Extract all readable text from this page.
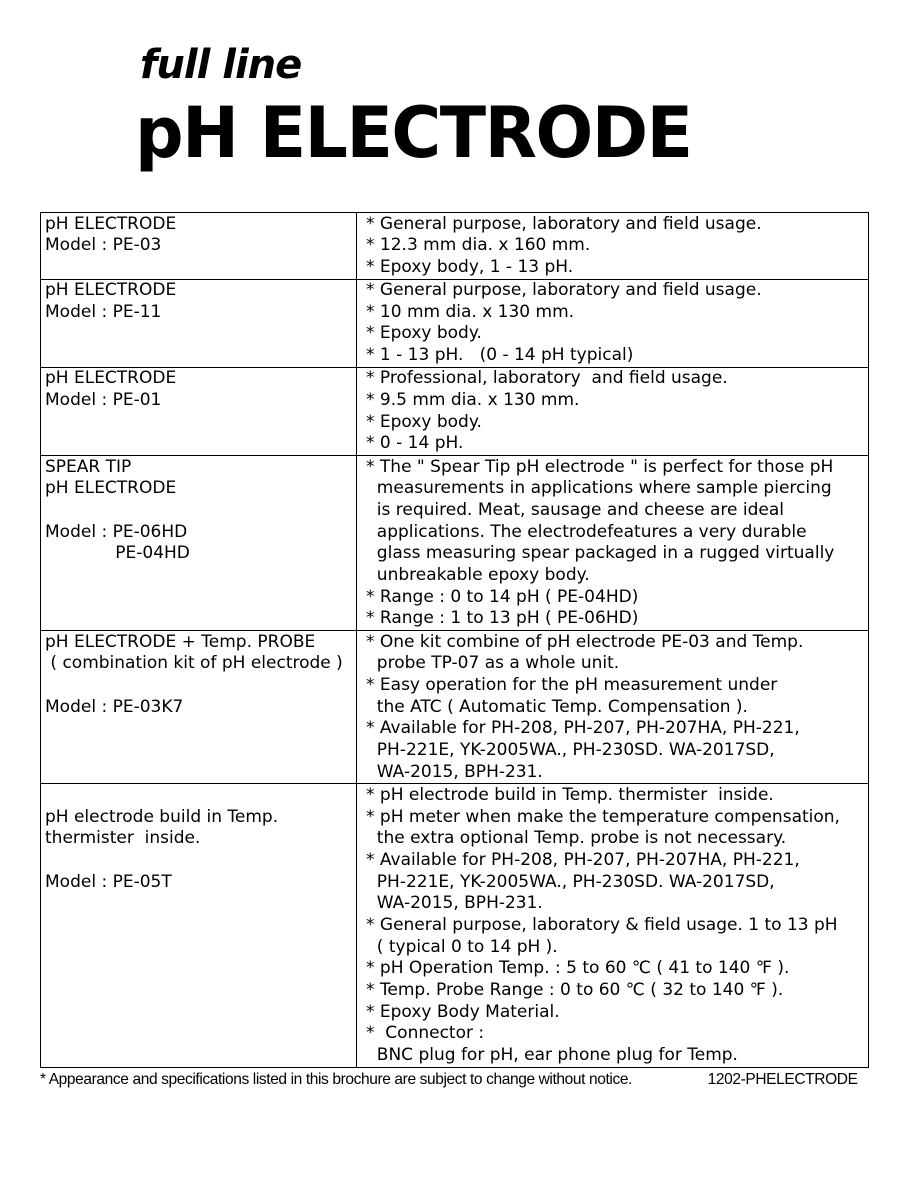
full line
pH ELECTRODE
pH ELECTRODE
Model : PE-03
* General purpose, laboratory and field usage.
* 12.3 mm dia. x 160 mm.
* Epoxy body, 1 - 13 pH.
pH ELECTRODE
Model : PE-11
* General purpose, laboratory and field usage.
* 10 mm dia. x 130 mm.
* Epoxy body.
* 1 - 13 pH.   (0 - 14 pH typical)
pH ELECTRODE
Model : PE-01
* Professional, laboratory  and field usage.
* 9.5 mm dia. x 130 mm.
* Epoxy body.
* 0 - 14 pH.
SPEAR TIP
pH ELECTRODE
Model : PE-06HD
PE-04HD
* The " Spear Tip pH electrode " is perfect for those pH
measurements in applications where sample piercing
is required. Meat, sausage and cheese are ideal
applications. The electrodefeatures a very durable
glass measuring spear packaged in a rugged virtually
unbreakable epoxy body.
* Range : 0 to 14 pH ( PE-04HD)
* Range : 1 to 13 pH ( PE-06HD)
pH ELECTRODE + Temp. PROBE
( combination kit of pH electrode )
Model : PE-03K7
* One kit combine of pH electrode PE-03 and Temp.
probe TP-07 as a whole unit.
* Easy operation for the pH measurement under
the ATC ( Automatic Temp. Compensation ).
* Available for PH-208, PH-207, PH-207HA, PH-221,
PH-221E, YK-2005WA., PH-230SD. WA-2017SD,
WA-2015, BPH-231.
pH electrode build in Temp.
thermister  inside.
Model : PE-05T
* pH electrode build in Temp. thermister  inside.
* pH meter when make the temperature compensation,
the extra optional Temp. probe is not necessary.
* Available for PH-208, PH-207, PH-207HA, PH-221,
PH-221E, YK-2005WA., PH-230SD. WA-2017SD,
WA-2015, BPH-231.
* General purpose, laboratory & field usage. 1 to 13 pH
( typical 0 to 14 pH ).
* pH Operation Temp. : 5 to 60 ℃ ( 41 to 140 ℉ ).
* Temp. Probe Range : 0 to 60 ℃ ( 32 to 140 ℉ ).
* Epoxy Body Material.
*  Connector :
BNC plug for pH, ear phone plug for Temp.
* Appearance and specifications listed in this brochure are subject to change without notice.	1202-PHELECTRODE
